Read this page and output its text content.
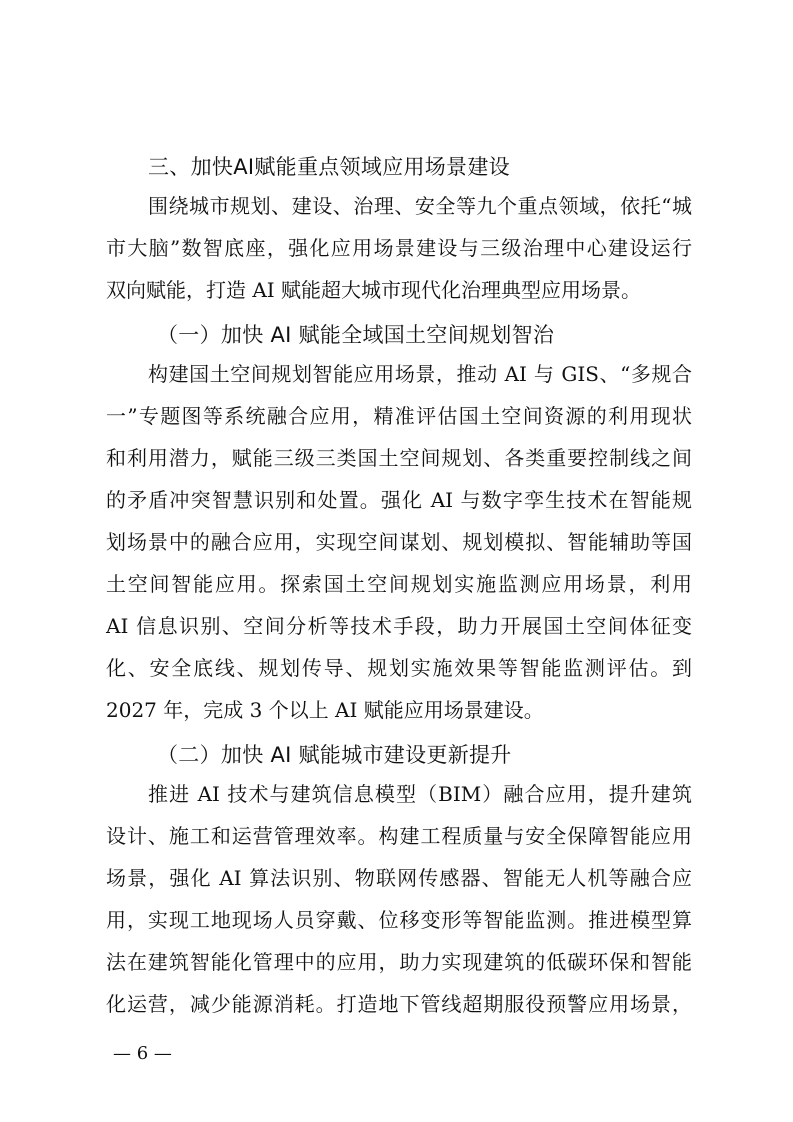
三、加快AI赋能重点领域应用场景建设
围绕城市规划、建设、治理、安全等九个重点领域，依托“城
市大脑”数智底座，强化应用场景建设与三级治理中心建设运行
双向赋能，打造 AI 赋能超大城市现代化治理典型应用场景。
（一）加快 AI 赋能全域国土空间规划智治
构建国土空间规划智能应用场景，推动 AI 与 GIS、“多规合
一”专题图等系统融合应用，精准评估国土空间资源的利用现状
和利用潜力，赋能三级三类国土空间规划、各类重要控制线之间
的矛盾冲突智慧识别和处置。强化 AI 与数字孪生技术在智能规
划场景中的融合应用，实现空间谋划、规划模拟、智能辅助等国
土空间智能应用。探索国土空间规划实施监测应用场景，利用
AI 信息识别、空间分析等技术手段，助力开展国土空间体征变
化、安全底线、规划传导、规划实施效果等智能监测评估。到
2027 年，完成 3 个以上 AI 赋能应用场景建设。
（二）加快 AI 赋能城市建设更新提升
推进 AI 技术与建筑信息模型（BIM）融合应用，提升建筑
设计、施工和运营管理效率。构建工程质量与安全保障智能应用
场景，强化 AI 算法识别、物联网传感器、智能无人机等融合应
用，实现工地现场人员穿戴、位移变形等智能监测。推进模型算
法在建筑智能化管理中的应用，助力实现建筑的低碳环保和智能
化运营，减少能源消耗。打造地下管线超期服役预警应用场景，
— 6 —
